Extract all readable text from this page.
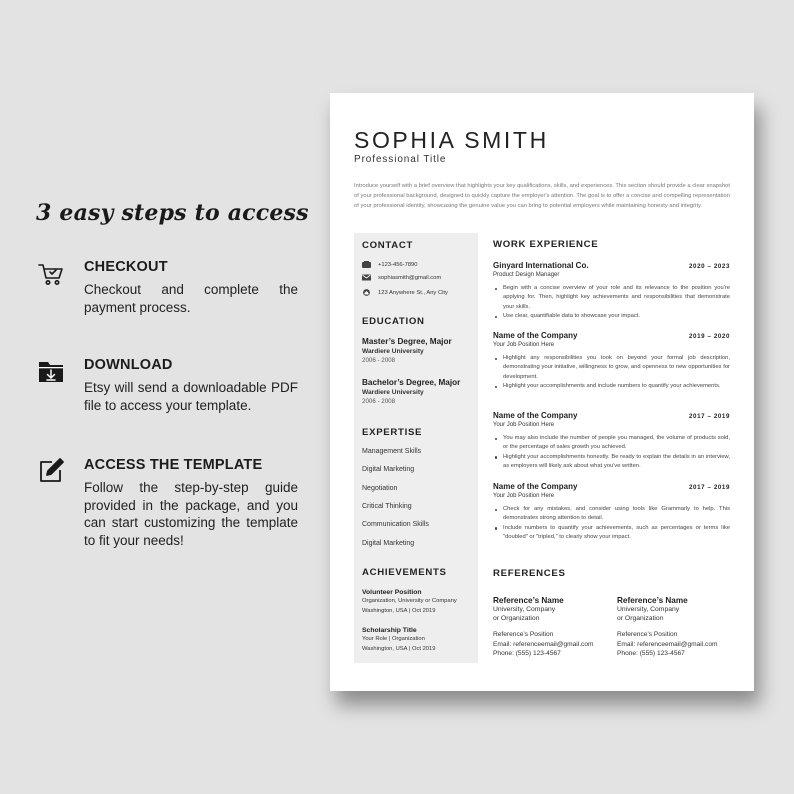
3 easy steps to access
CHECKOUT
Checkout and complete the payment process.
DOWNLOAD
Etsy will send a downloadable PDF file to access your template.
ACCESS THE TEMPLATE
Follow the step-by-step guide provided in the package, and you can start customizing the template to fit your needs!
SOPHIA SMITH
Professional Title
Introduce yourself with a brief overview that highlights your key qualifications, skills, and experiences. This section should provide a clear snapshot of your professional background, designed to quickly capture the employer's attention. The goal is to offer a concise and compelling representation of your professional identity, showcasing the genuine value you can bring to potential employers while maintaining honesty and integrity.
CONTACT
+123-456-7890
sophiasmith@gmail.com
123 Anywhere St., Any City
EDUCATION
Master’s Degree, Major
Wardiere University
2006 - 2008
Bachelor’s Degree, Major
Wardiere University
2006 - 2008
EXPERTISE
Management Skills
Digital Marketing
Negotiation
Critical Thinking
Communication Skills
Digital Marketing
ACHIEVEMENTS
Volunteer Position
Organization, University or Company
Washington, USA | Oct 2019
Scholarship Title
Your Role | Organization
Washington, USA | Oct 2019
WORK EXPERIENCE
Ginyard International Co.	2020 – 2023
Product Design Manager
Begin with a concise overview of your role and its relevance to the position you're applying for. Then, highlight key achievements and responsibilities that demonstrate your skills.
Use clear, quantifiable data to showcase your impact.
Name of the Company	2019 – 2020
Your Job Position Here
Highlight any responsibilities you took on beyond your formal job description, demonstrating your initiative, willingness to grow, and openness to new opportunities for development.
Highlight your accomplishments and include numbers to quantify your achievements.
Name of the Company	2017 – 2019
Your Job Position Here
You may also include the number of people you managed, the volume of products sold, or the percentage of sales growth you achieved.
Highlight your accomplishments honestly. Be ready to explain the details in an interview, as employers will likely ask about what you've written.
Name of the Company	2017 – 2019
Your Job Position Here
Check for any mistakes, and consider using tools like Grammarly to help. This demonstrates strong attention to detail.
Include numbers to quantify your achievements, such as percentages or terms like "doubled" or "tripled," to clearly show your impact.
REFERENCES
Reference’s Name
University, Company
or Organization
Reference’s Position
Email: referenceemail@gmail.com
Phone: (555) 123-4567
Reference’s Name
University, Company
or Organization
Reference’s Position
Email: referenceemail@gmail.com
Phone: (555) 123-4567
